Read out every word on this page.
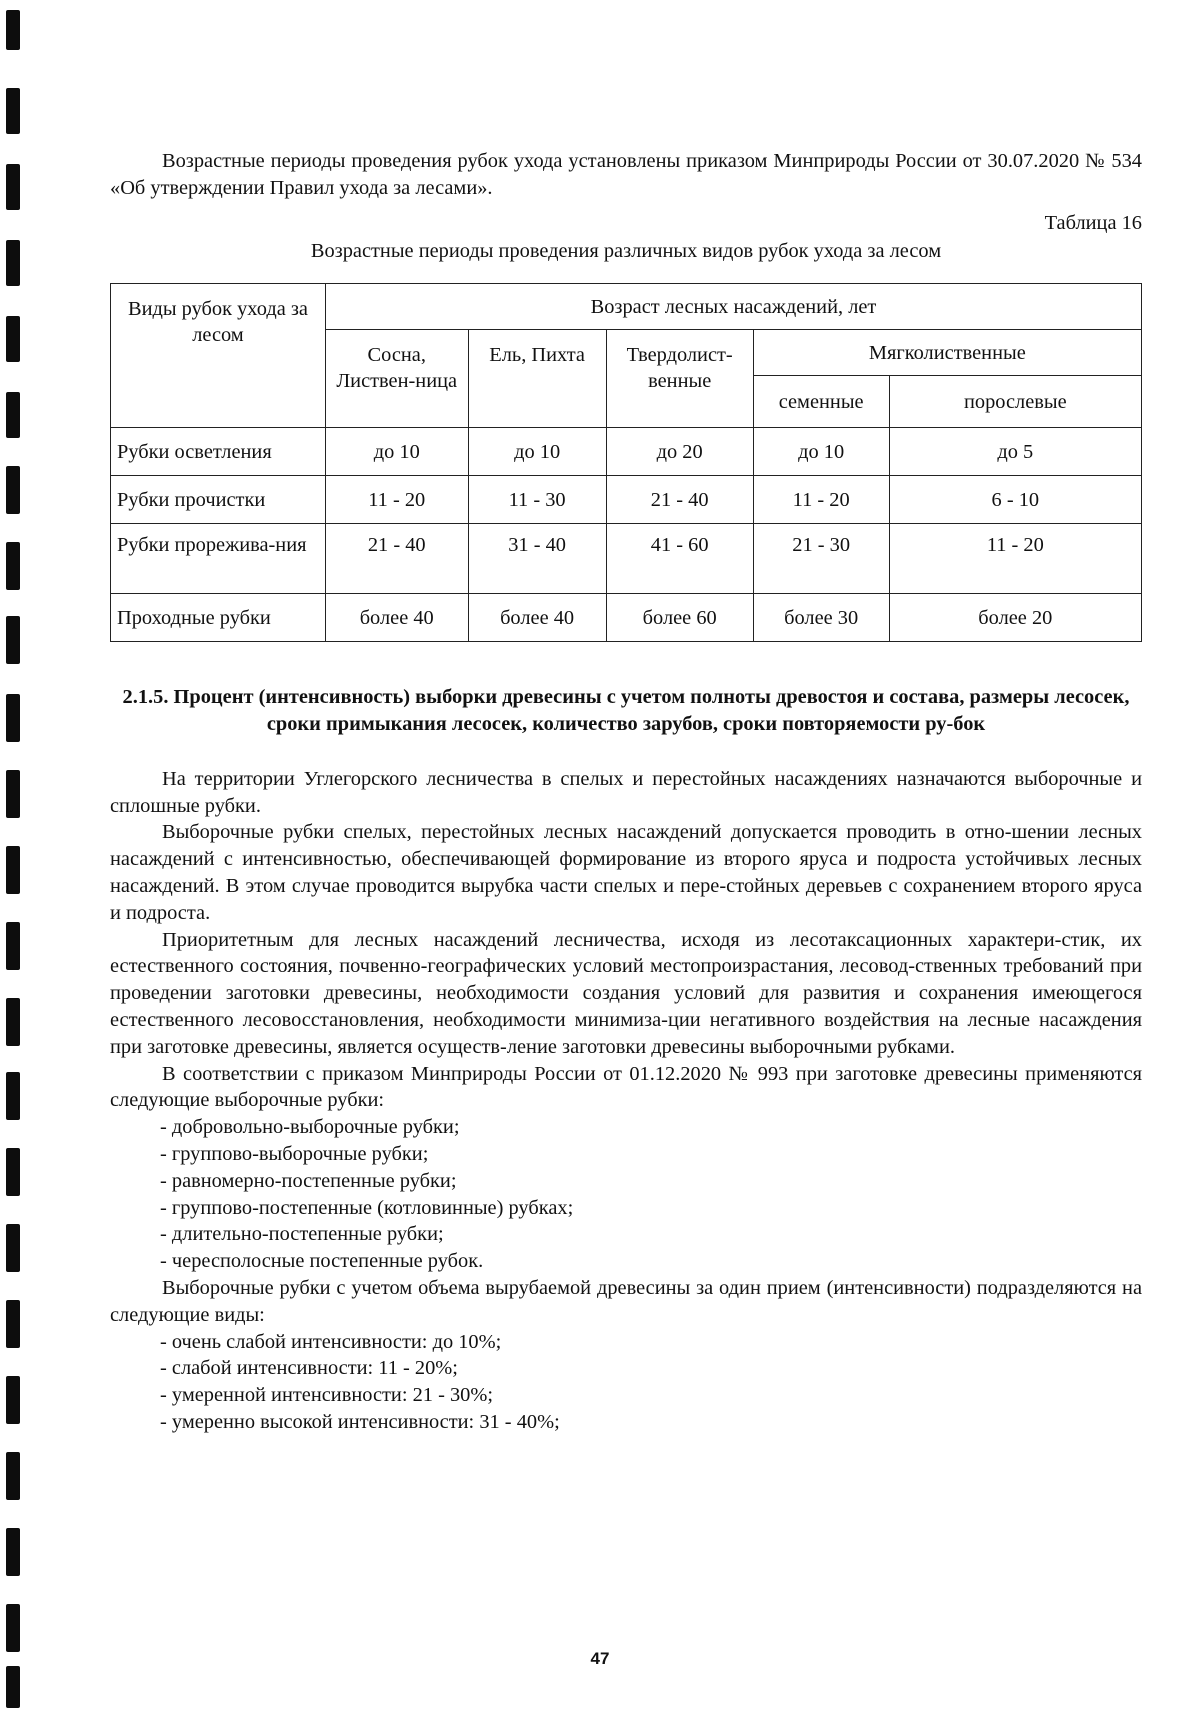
Возрастные периоды проведения рубок ухода установлены приказом Минприроды России от 30.07.2020 № 534 «Об утверждении Правил ухода за лесами».

Таблица 16

Возрастные периоды проведения различных видов рубок ухода за лесом

Виды рубок ухода за лесом	Возраст лесных насаждений, лет				
	Сосна, Листвен-ница	Ель, Пихта	Твердолист-венные	Мягколиственные	
				семенные	порослевые
Рубки осветления	до 10	до 10	до 20	до 10	до 5
Рубки прочистки	11 - 20	11 - 30	21 - 40	11 - 20	6 - 10
Рубки прорежива-ния	21 - 40	31 - 40	41 - 60	21 - 30	11 - 20
Проходные рубки	более 40	более 40	более 60	более 30	более 20
2.1.5. Процент (интенсивность) выборки древесины с учетом полноты древостоя и состава, размеры лесосек, сроки примыкания лесосек, количество зарубов, сроки повторяемости ру-бок

На территории Углегорского лесничества в спелых и перестойных насаждениях назначаются выборочные и сплошные рубки.

Выборочные рубки спелых, перестойных лесных насаждений допускается проводить в отно-шении лесных насаждений с интенсивностью, обеспечивающей формирование из второго яруса и подроста устойчивых лесных насаждений. В этом случае проводится вырубка части спелых и пере-стойных деревьев с сохранением второго яруса и подроста.

Приоритетным для лесных насаждений лесничества, исходя из лесотаксационных характери-стик, их естественного состояния, почвенно-географических условий местопроизрастания, лесовод-ственных требований при проведении заготовки древесины, необходимости создания условий для развития и сохранения имеющегося естественного лесовосстановления, необходимости минимиза-ции негативного воздействия на лесные насаждения при заготовке древесины, является осуществ-ление заготовки древесины выборочными рубками.

В соответствии с приказом Минприроды России от 01.12.2020 № 993 при заготовке древесины применяются следующие выборочные рубки:

- добровольно-выборочные рубки;
- группово-выборочные рубки;
- равномерно-постепенные рубки;
- группово-постепенные (котловинные) рубках;
- длительно-постепенные рубки;
- чересполосные постепенные рубок.

Выборочные рубки с учетом объема вырубаемой древесины за один прием (интенсивности) подразделяются на следующие виды:

- очень слабой интенсивности: до 10%;
- слабой интенсивности: 11 - 20%;
- умеренной интенсивности: 21 - 30%;
- умеренно высокой интенсивности: 31 - 40%;
47
